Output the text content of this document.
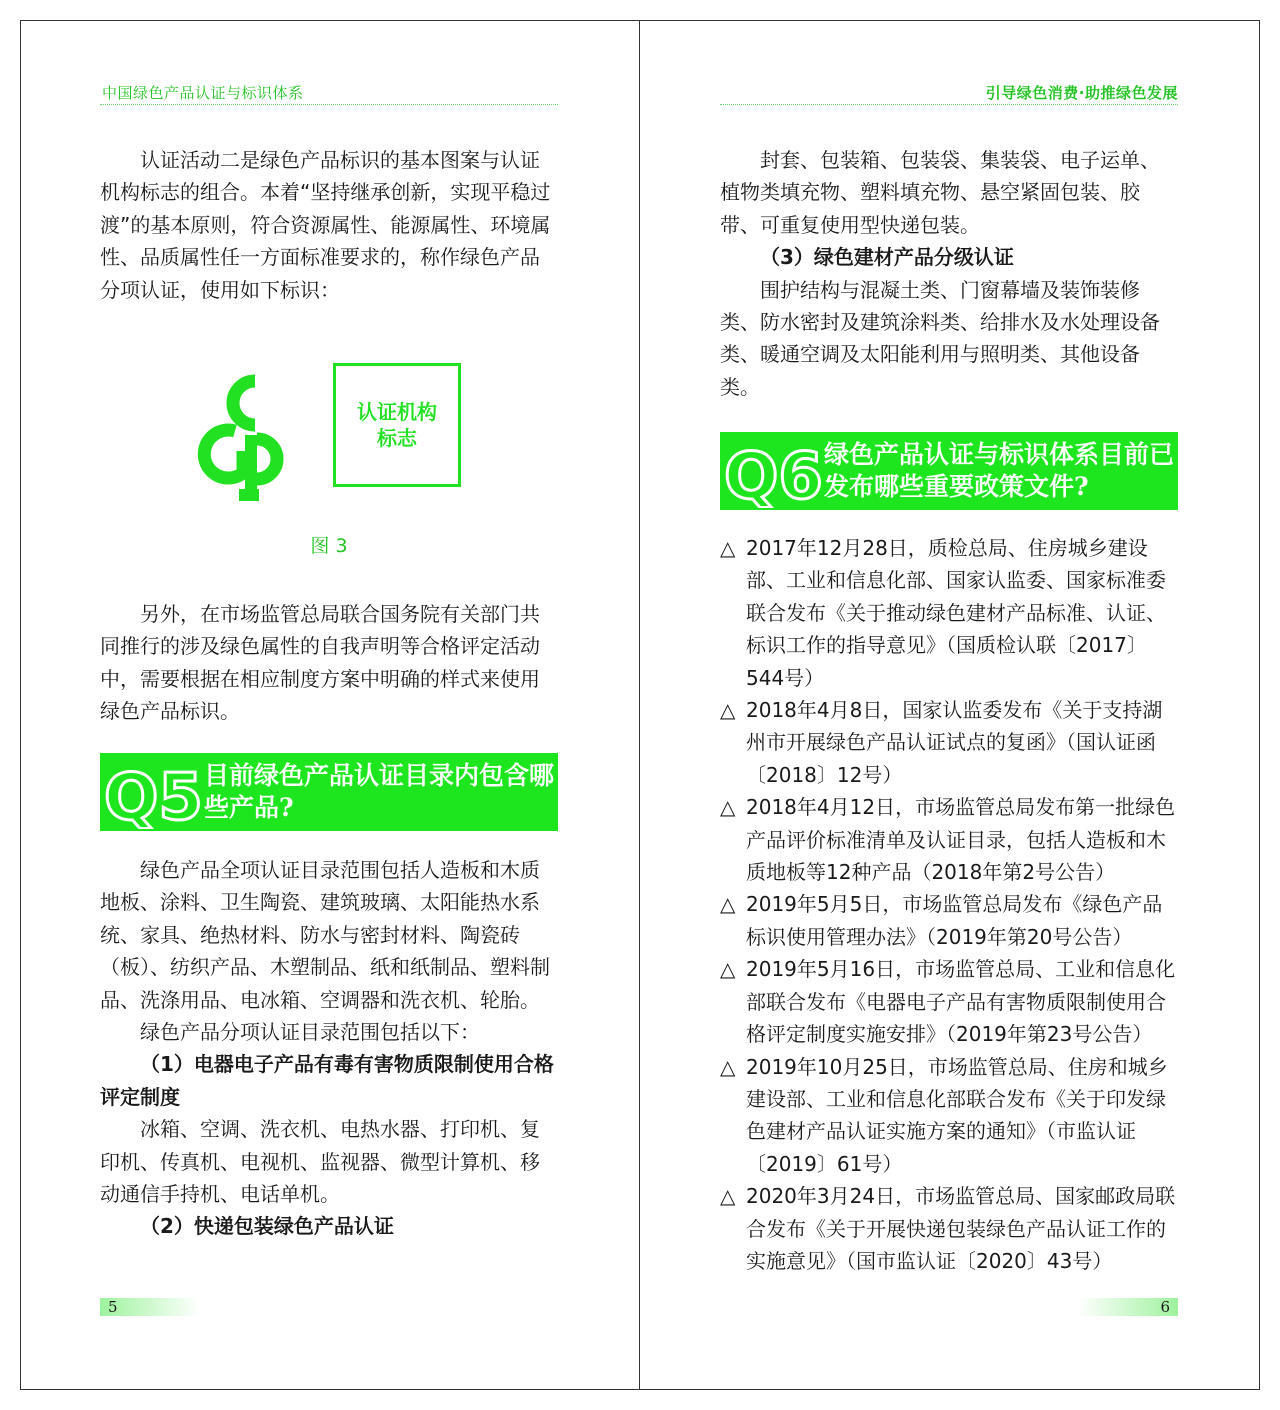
中国绿色产品认证与标识体系

认证活动二是绿色产品标识的基本图案与认证机构标志的组合。本着“坚持继承创新，实现平稳过渡”的基本原则，符合资源属性、能源属性、环境属性、品质属性任一方面标准要求的，称作绿色产品分项认证，使用如下标识：

认证机构标志
图 3

另外，在市场监管总局联合国务院有关部门共同推行的涉及绿色属性的自我声明等合格评定活动中，需要根据在相应制度方案中明确的样式来使用绿色产品标识。

Q5 目前绿色产品认证目录内包含哪些产品?

绿色产品全项认证目录范围包括人造板和木质地板、涂料、卫生陶瓷、建筑玻璃、太阳能热水系统、家具、绝热材料、防水与密封材料、陶瓷砖（板）、纺织产品、木塑制品、纸和纸制品、塑料制品、洗涤用品、电冰箱、空调器和洗衣机、轮胎。

绿色产品分项认证目录范围包括以下：

（1）电器电子产品有毒有害物质限制使用合格评定制度

冰箱、空调、洗衣机、电热水器、打印机、复印机、传真机、电视机、监视器、微型计算机、移动通信手持机、电话单机。

（2）快递包装绿色产品认证

5
引导绿色消费·助推绿色发展

封套、包装箱、包装袋、集装袋、电子运单、植物类填充物、塑料填充物、悬空紧固包装、胶带、可重复使用型快递包装。

（3）绿色建材产品分级认证

围护结构与混凝土类、门窗幕墙及装饰装修类、防水密封及建筑涂料类、给排水及水处理设备类、暖通空调及太阳能利用与照明类、其他设备类。

Q6 绿色产品认证与标识体系目前已发布哪些重要政策文件?

△ 2017年12月28日，质检总局、住房城乡建设部、工业和信息化部、国家认监委、国家标准委联合发布《关于推动绿色建材产品标准、认证、标识工作的指导意见》（国质检认联〔2017〕544号）

△ 2018年4月8日，国家认监委发布《关于支持湖州市开展绿色产品认证试点的复函》（国认证函〔2018〕12号）

△ 2018年4月12日，市场监管总局发布第一批绿色产品评价标准清单及认证目录，包括人造板和木质地板等12种产品（2018年第2号公告）

△ 2019年5月5日，市场监管总局发布《绿色产品标识使用管理办法》（2019年第20号公告）

△ 2019年5月16日，市场监管总局、工业和信息化部联合发布《电器电子产品有害物质限制使用合格评定制度实施安排》（2019年第23号公告）

△ 2019年10月25日，市场监管总局、住房和城乡建设部、工业和信息化部联合发布《关于印发绿色建材产品认证实施方案的通知》（市监认证〔2019〕61号）

△ 2020年3月24日，市场监管总局、国家邮政局联合发布《关于开展快递包装绿色产品认证工作的实施意见》（国市监认证〔2020〕43号）

6
